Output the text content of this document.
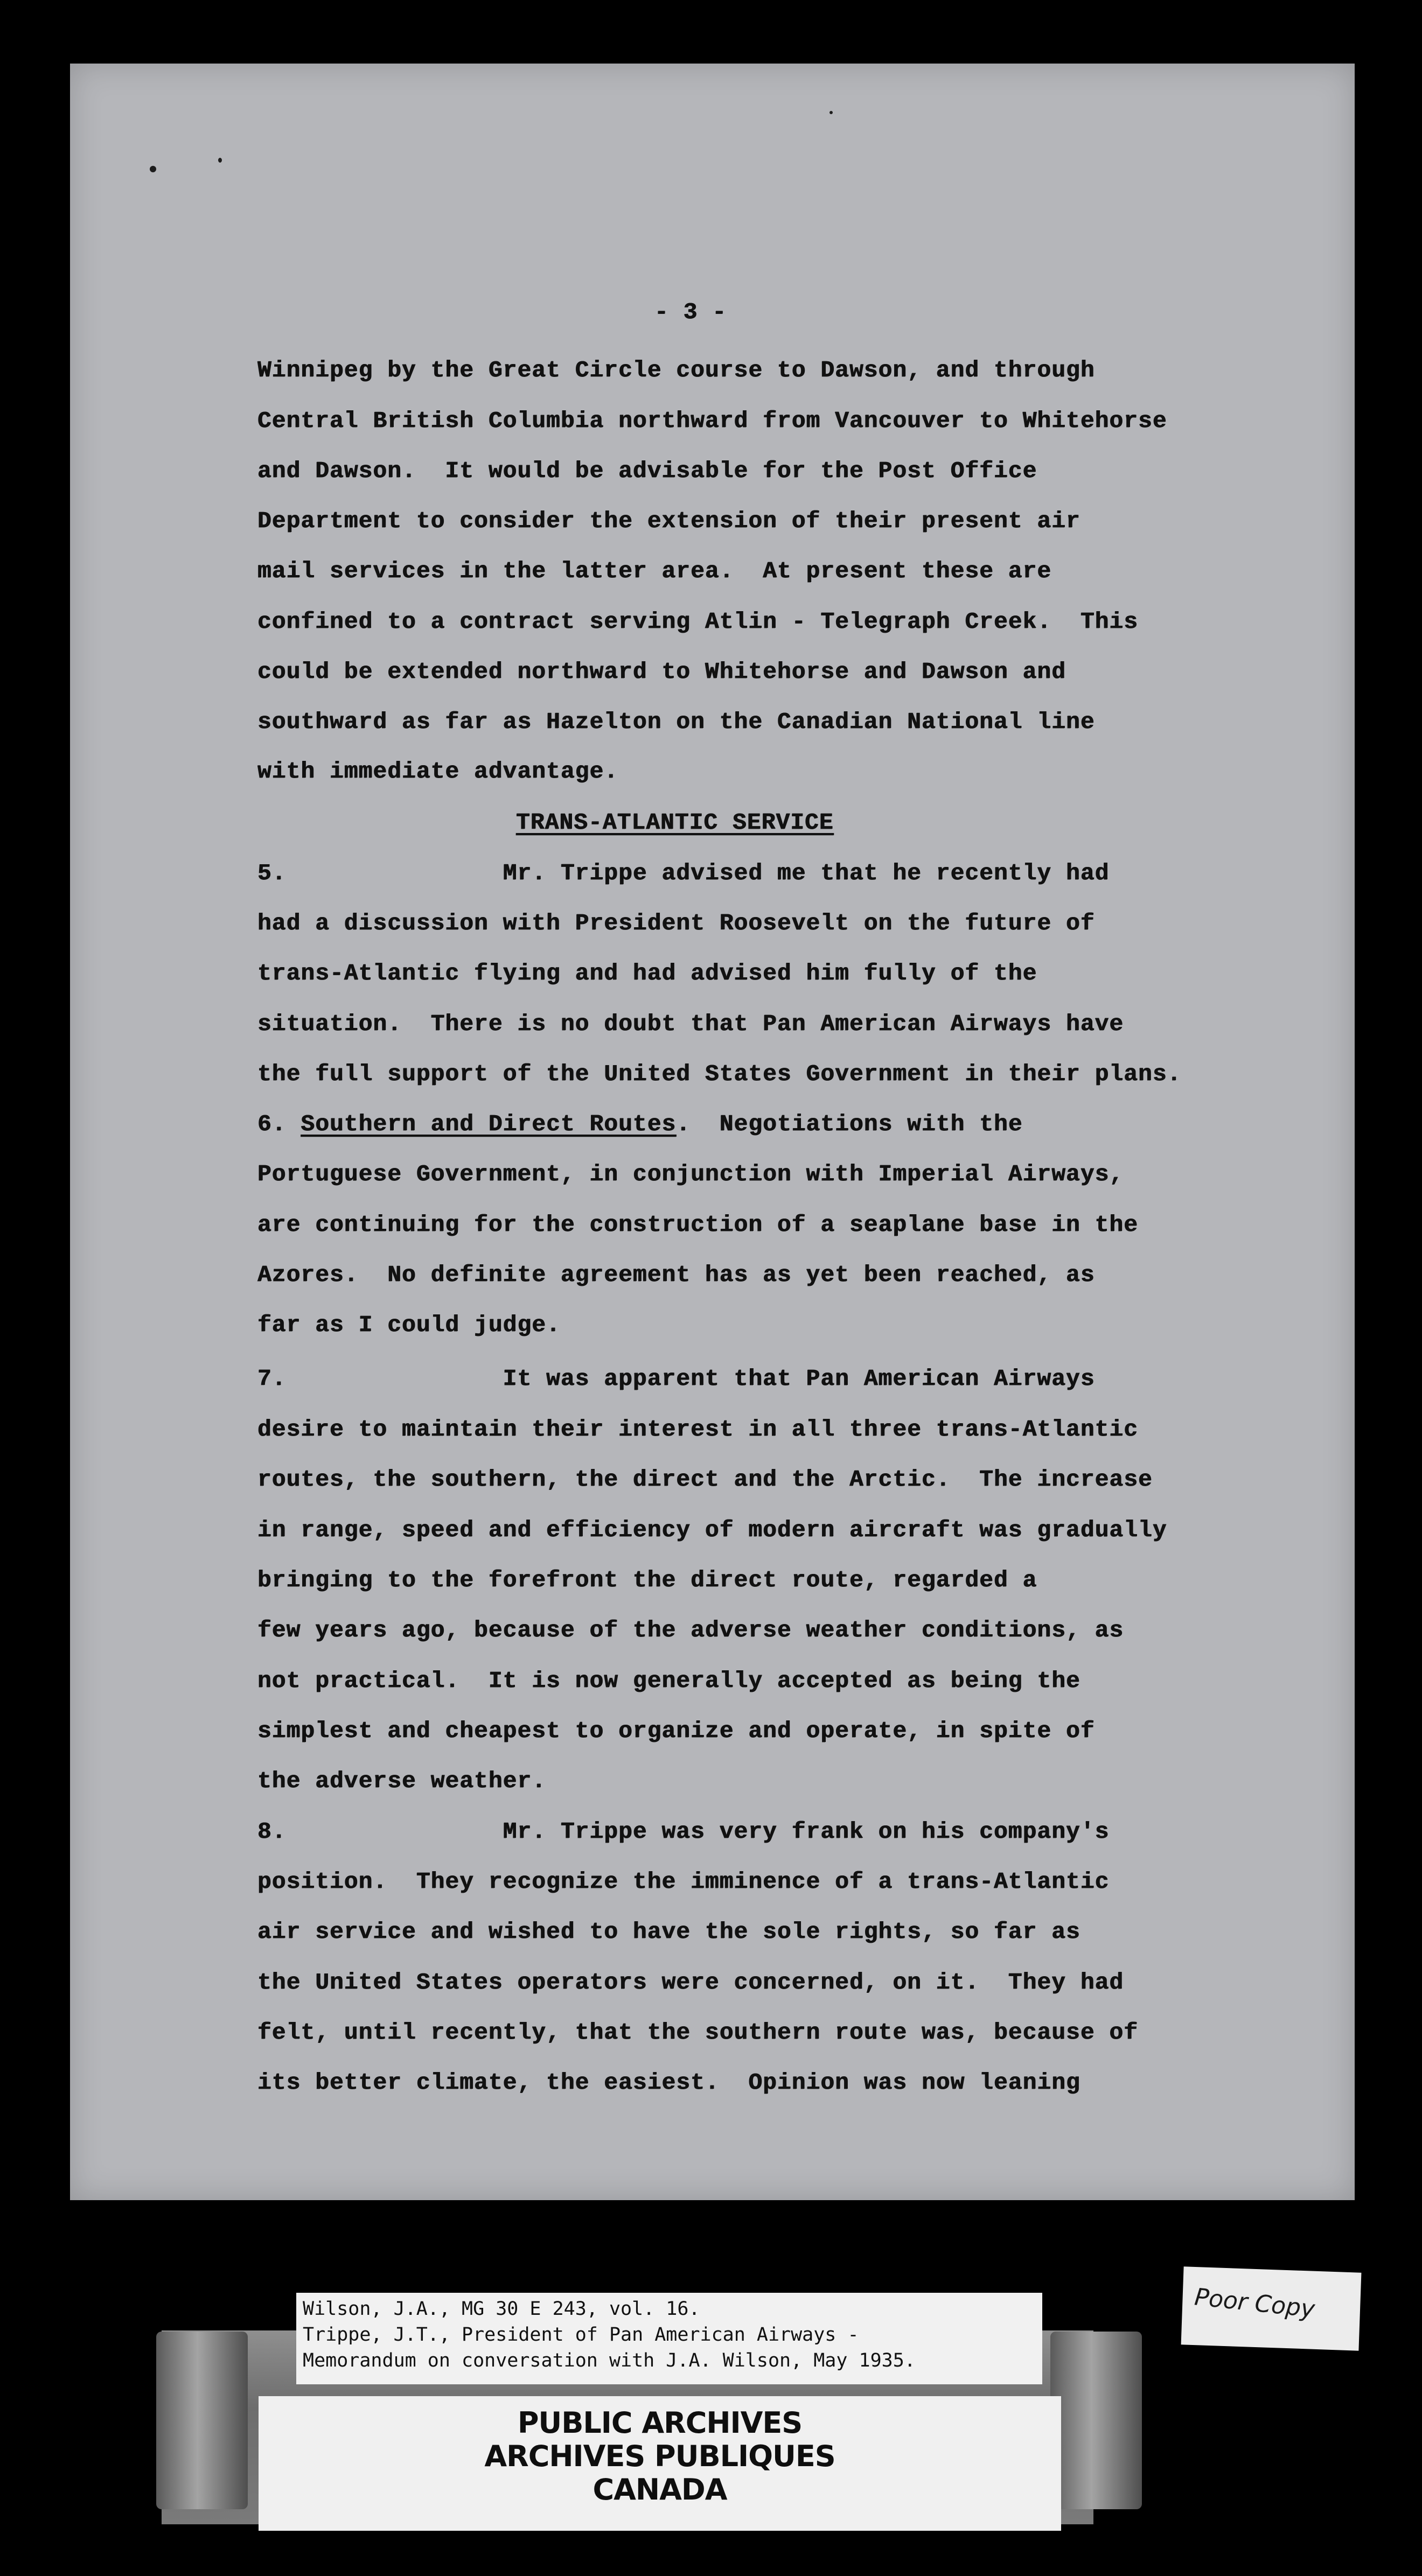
- 3 -
Winnipeg by the Great Circle course to Dawson, and through
Central British Columbia northward from Vancouver to Whitehorse
and Dawson.  It would be advisable for the Post Office
Department to consider the extension of their present air
mail services in the latter area.  At present these are
confined to a contract serving Atlin - Telegraph Creek.  This
could be extended northward to Whitehorse and Dawson and
southward as far as Hazelton on the Canadian National line
with immediate advantage.
TRANS-ATLANTIC SERVICE
5.               Mr. Trippe advised me that he recently had
had a discussion with President Roosevelt on the future of
trans-Atlantic flying and had advised him fully of the
situation.  There is no doubt that Pan American Airways have
the full support of the United States Government in their plans.
6. Southern and Direct Routes.  Negotiations with the
Portuguese Government, in conjunction with Imperial Airways,
are continuing for the construction of a seaplane base in the
Azores.  No definite agreement has as yet been reached, as
far as I could judge.
7.               It was apparent that Pan American Airways
desire to maintain their interest in all three trans-Atlantic
routes, the southern, the direct and the Arctic.  The increase
in range, speed and efficiency of modern aircraft was gradually
bringing to the forefront the direct route, regarded a
few years ago, because of the adverse weather conditions, as
not practical.  It is now generally accepted as being the
simplest and cheapest to organize and operate, in spite of
the adverse weather.
8.               Mr. Trippe was very frank on his company's
position.  They recognize the imminence of a trans-Atlantic
air service and wished to have the sole rights, so far as
the United States operators were concerned, on it.  They had
felt, until recently, that the southern route was, because of
its better climate, the easiest.  Opinion was now leaning
Wilson, J.A., MG 30 E 243, vol. 16.
Trippe, J.T., President of Pan American Airways -
Memorandum on conversation with J.A. Wilson, May 1935.
PUBLIC ARCHIVES
ARCHIVES PUBLIQUES
CANADA
Poor Copy
